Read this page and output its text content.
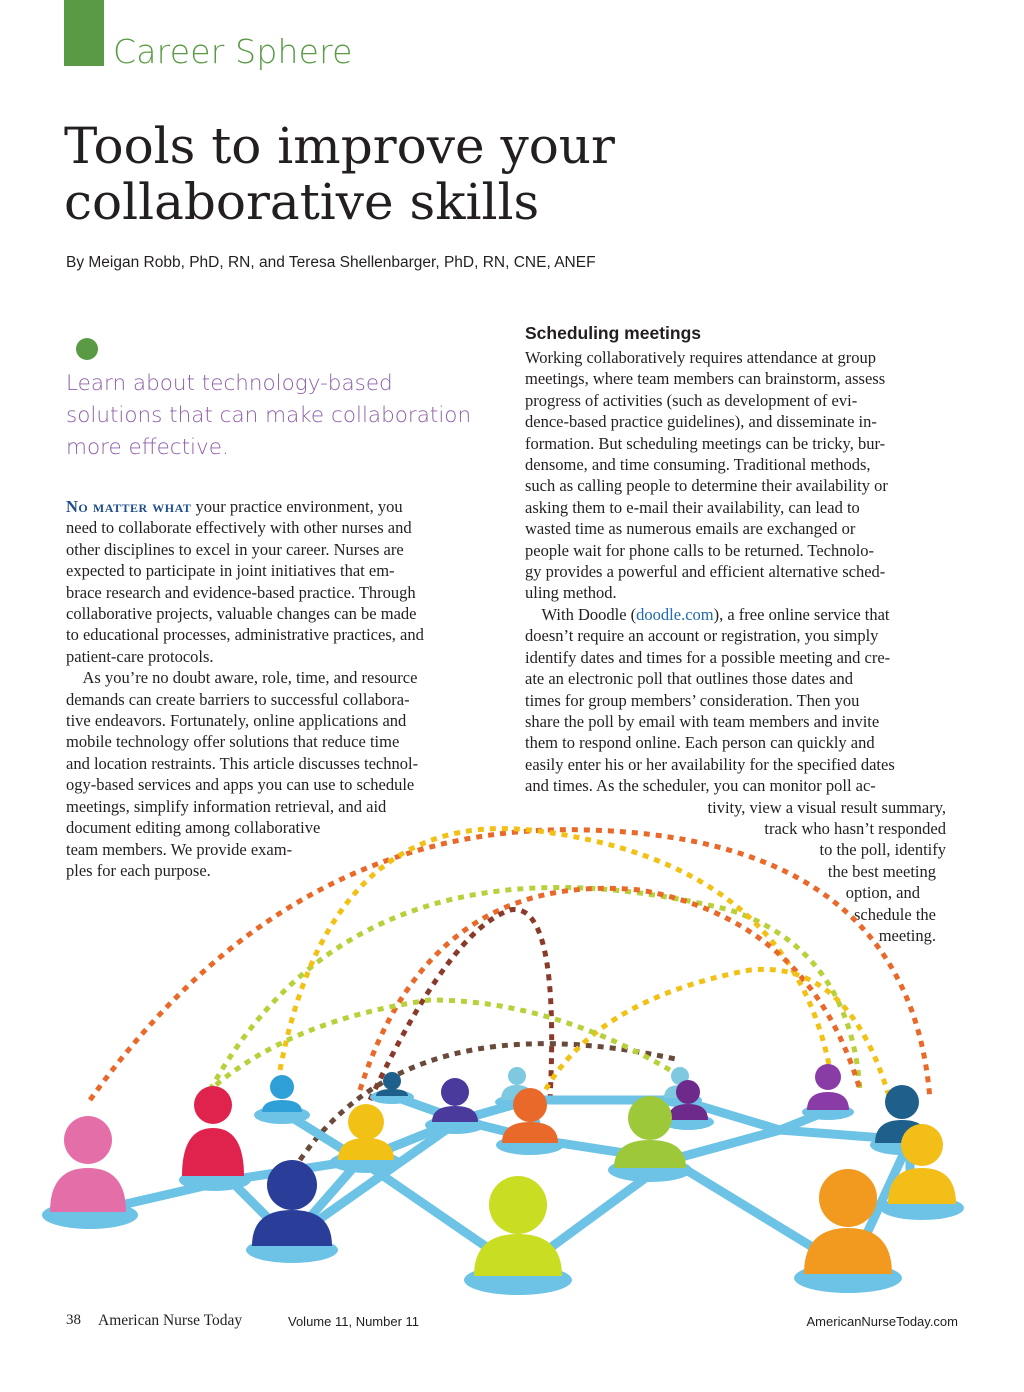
Career Sphere
Tools to improve your
collaborative skills
By Meigan Robb, PhD, RN, and Teresa Shellenbarger, PhD, RN, CNE, ANEF
Learn about technology-based
solutions that can make collaboration
more effective.
No matter what your practice environment, you
need to collaborate effectively with other nurses and
other disciplines to excel in your career. Nurses are
expected to participate in joint initiatives that em-
brace research and evidence-based practice. Through
collaborative projects, valuable changes can be made
to educational processes, administrative practices, and
patient-care protocols.
 As you’re no doubt aware, role, time, and resource
demands can create barriers to successful collabora-
tive endeavors. Fortunately, online applications and
mobile technology offer solutions that reduce time
and location restraints. This article discusses technol-
ogy-based services and apps you can use to schedule
meetings, simplify information retrieval, and aid
document editing among collaborative
team members. We provide exam-
ples for each purpose.
Scheduling meetings
Working collaboratively requires attendance at group
meetings, where team members can brainstorm, assess
progress of activities (such as development of evi-
dence-based practice guidelines), and disseminate in-
formation. But scheduling meetings can be tricky, bur-
densome, and time consuming. Traditional methods,
such as calling people to determine their availability or
asking them to e-mail their availability, can lead to
wasted time as numerous emails are exchanged or
people wait for phone calls to be returned. Technolo-
gy provides a powerful and efficient alternative sched-
uling method.
 With Doodle (doodle.com), a free online service that
doesn’t require an account or registration, you simply
identify dates and times for a possible meeting and cre-
ate an electronic poll that outlines those dates and
times for group members’ consideration. Then you
share the poll by email with team members and invite
them to respond online. Each person can quickly and
easily enter his or her availability for the specified dates
and times. As the scheduler, you can monitor poll ac-
tivity, view a visual result summary,
track who hasn’t responded
to the poll, identify
the best meeting
option, and
schedule the
meeting.
38 American Nurse Today	Volume 11, Number 11	AmericanNurseToday.com
